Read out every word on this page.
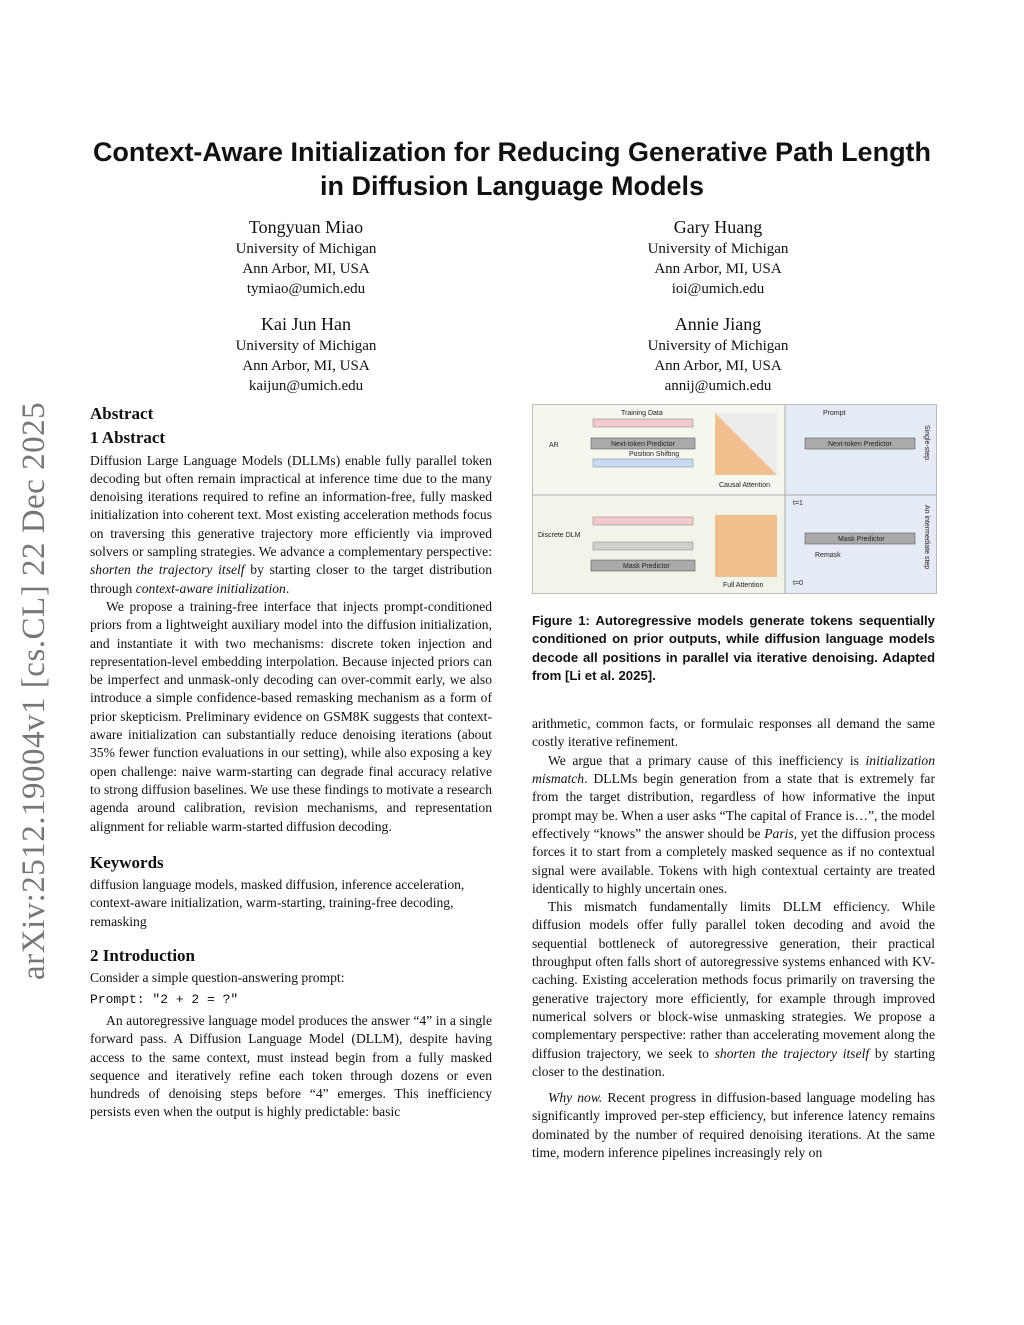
arXiv:2512.19004v1 [cs.CL] 22 Dec 2025
Context-Aware Initialization for Reducing Generative Path Length in Diffusion Language Models
Tongyuan Miao
University of Michigan
Ann Arbor, MI, USA
tymiao@umich.edu
Gary Huang
University of Michigan
Ann Arbor, MI, USA
ioi@umich.edu
Kai Jun Han
University of Michigan
Ann Arbor, MI, USA
kaijun@umich.edu
Annie Jiang
University of Michigan
Ann Arbor, MI, USA
annij@umich.edu

Abstract

1 Abstract

Diffusion Large Language Models (DLLMs) enable fully parallel token decoding but often remain impractical at inference time due to the many denoising iterations required to refine an information-free, fully masked initialization into coherent text. Most existing acceleration methods focus on traversing this generative trajectory more efficiently via improved solvers or sampling strategies. We advance a complementary perspective: shorten the trajectory itself by starting closer to the target distribution through context-aware initialization.

We propose a training-free interface that injects prompt-conditioned priors from a lightweight auxiliary model into the diffusion initialization, and instantiate it with two mechanisms: discrete token injection and representation-level embedding interpolation. Because injected priors can be imperfect and unmask-only decoding can over-commit early, we also introduce a simple confidence-based remasking mechanism as a form of prior skepticism. Preliminary evidence on GSM8K suggests that context-aware initialization can substantially reduce denoising iterations (about 35% fewer function evaluations in our setting), while also exposing a key open challenge: naive warm-starting can degrade final accuracy relative to strong diffusion baselines. We use these findings to motivate a research agenda around calibration, revision mechanisms, and representation alignment for reliable warm-started diffusion decoding.

Keywords

diffusion language models, masked diffusion, inference acceleration, context-aware initialization, warm-starting, training-free decoding, remasking

2 Introduction

Consider a simple question-answering prompt:

Prompt: "2 + 2 = ?"

An autoregressive language model produces the answer “4” in a single forward pass. A Diffusion Language Model (DLLM), despite having access to the same context, must instead begin from a fully masked sequence and iteratively refine each token through dozens or even hundreds of denoising steps before “4” emerges. This inefficiency persists even when the output is highly predictable: basic

AR
Discrete DLM
Training Data	Prompt
Next-token Predictor
Position Shifting
Causal Attention
Mask Predictor
Full Attention
Next-token Predictor	Single-step
t=1
t=0
Mask Predictor
Remask	An intermediate step

Figure 1: Autoregressive models generate tokens sequentially conditioned on prior outputs, while diffusion language models decode all positions in parallel via iterative denoising. Adapted from [Li et al. 2025].

arithmetic, common facts, or formulaic responses all demand the same costly iterative refinement.

We argue that a primary cause of this inefficiency is initialization mismatch. DLLMs begin generation from a state that is extremely far from the target distribution, regardless of how informative the input prompt may be. When a user asks “The capital of France is…”, the model effectively “knows” the answer should be Paris, yet the diffusion process forces it to start from a completely masked sequence as if no contextual signal were available. Tokens with high contextual certainty are treated identically to highly uncertain ones.

This mismatch fundamentally limits DLLM efficiency. While diffusion models offer fully parallel token decoding and avoid the sequential bottleneck of autoregressive generation, their practical throughput often falls short of autoregressive systems enhanced with KV-caching. Existing acceleration methods focus primarily on traversing the generative trajectory more efficiently, for example through improved numerical solvers or block-wise unmasking strategies. We propose a complementary perspective: rather than accelerating movement along the diffusion trajectory, we seek to shorten the trajectory itself by starting closer to the destination.

Why now. Recent progress in diffusion-based language modeling has significantly improved per-step efficiency, but inference latency remains dominated by the number of required denoising iterations. At the same time, modern inference pipelines increasingly rely on
